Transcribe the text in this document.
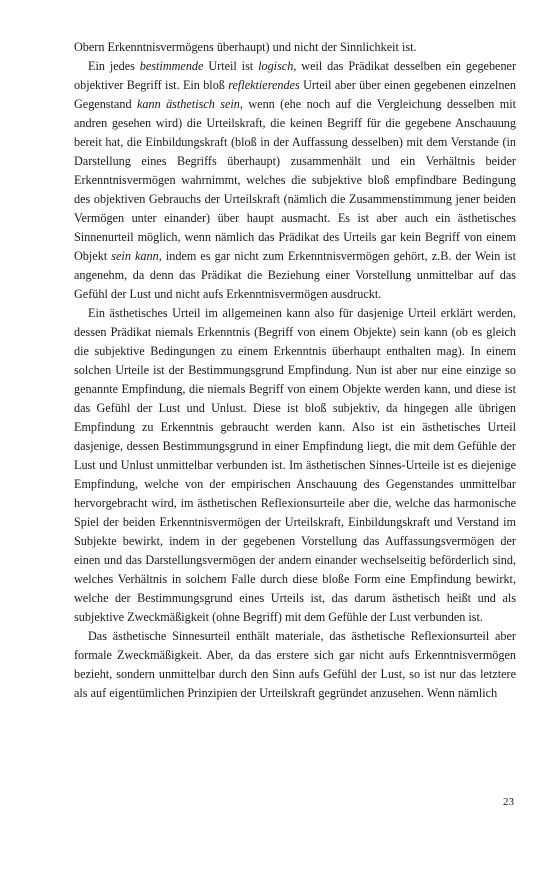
Obern Erkenntnisvermögens überhaupt) und nicht der Sinnlichkeit ist.

Ein jedes bestimmende Urteil ist logisch, weil das Prädikat desselben ein gegebener objektiver Begriff ist. Ein bloß reflektierendes Urteil aber über einen gegebenen einzelnen Gegenstand kann ästhetisch sein, wenn (ehe noch auf die Vergleichung desselben mit andren gesehen wird) die Urteilskraft, die keinen Begriff für die gegebene Anschauung bereit hat, die Einbildungskraft (bloß in der Auffassung desselben) mit dem Verstande (in Darstellung eines Begriffs überhaupt) zusammenhält und ein Verhältnis beider Erkenntnisvermögen wahrnimmt, welches die subjektive bloß empfindbare Bedingung des objektiven Gebrauchs der Urteilskraft (nämlich die Zusammenstimmung jener beiden Vermögen unter einander) über haupt ausmacht. Es ist aber auch ein ästhetisches Sinnenurteil möglich, wenn nämlich das Prädikat des Urteils gar kein Begriff von einem Objekt sein kann, indem es gar nicht zum Erkenntnisvermögen gehört, z.B. der Wein ist angenehm, da denn das Prädikat die Beziehung einer Vorstellung unmittelbar auf das Gefühl der Lust und nicht aufs Erkenntnisvermögen ausdruckt.

Ein ästhetisches Urteil im allgemeinen kann also für dasjenige Urteil erklärt werden, dessen Prädikat niemals Erkenntnis (Begriff von einem Objekte) sein kann (ob es gleich die subjektive Bedingungen zu einem Erkenntnis überhaupt enthalten mag). In einem solchen Urteile ist der Bestimmungsgrund Empfindung. Nun ist aber nur eine einzige so genannte Empfindung, die niemals Begriff von einem Objekte werden kann, und diese ist das Gefühl der Lust und Unlust. Diese ist bloß subjektiv, da hingegen alle übrigen Empfindung zu Erkenntnis gebraucht werden kann. Also ist ein ästhetisches Urteil dasjenige, dessen Bestimmungsgrund in einer Empfindung liegt, die mit dem Gefühle der Lust und Unlust unmittelbar verbunden ist. Im ästhetischen Sinnes-Urteile ist es diejenige Empfindung, welche von der empirischen Anschauung des Gegenstandes unmittelbar hervorgebracht wird, im ästhetischen Reflexionsurteile aber die, welche das harmonische Spiel der beiden Erkenntnisvermögen der Urteilskraft, Einbildungskraft und Verstand im Subjekte bewirkt, indem in der gegebenen Vorstellung das Auffassungsvermögen der einen und das Darstellungsvermögen der andern einander wechselseitig beförderlich sind, welches Verhältnis in solchem Falle durch diese bloße Form eine Empfindung bewirkt, welche der Bestimmungsgrund eines Urteils ist, das darum ästhetisch heißt und als subjektive Zweckmäßigkeit (ohne Begriff) mit dem Gefühle der Lust verbunden ist.

Das ästhetische Sinnesurteil enthält materiale, das ästhetische Reflexionsurteil aber formale Zweckmäßigkeit. Aber, da das erstere sich gar nicht aufs Erkenntnisvermögen bezieht, sondern unmittelbar durch den Sinn aufs Gefühl der Lust, so ist nur das letztere als auf eigentümlichen Prinzipien der Urteilskraft gegründet anzusehen. Wenn nämlich

23
